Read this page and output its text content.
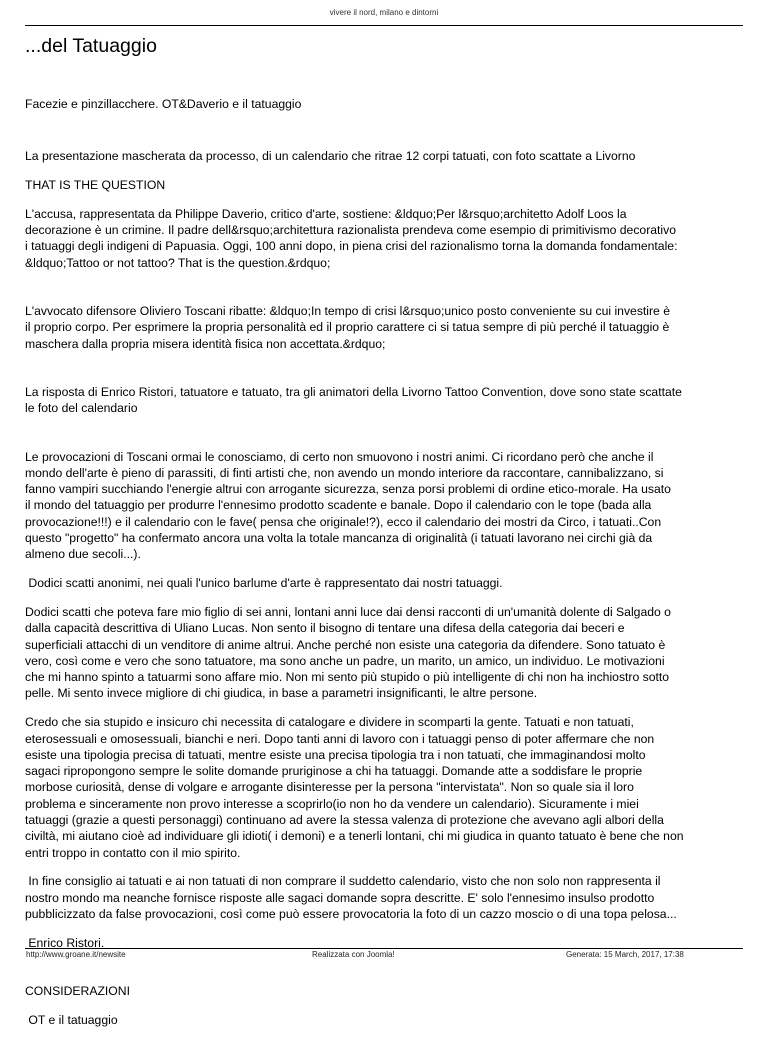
vivere il nord, milano e dintorni
...del Tatuaggio

Facezie e pinzillacchere. OT&Daverio e il tatuaggio

La presentazione mascherata da processo, di un calendario che ritrae 12 corpi tatuati, con foto scattate a Livorno

THAT IS THE QUESTION

L'accusa, rappresentata da Philippe Daverio, critico d'arte, sostiene: &ldquo;Per l&rsquo;architetto Adolf Loos la
decorazione è un crimine. Il padre dell&rsquo;architettura razionalista prendeva come esempio di primitivismo decorativo
i tatuaggi degli indigeni di Papuasia. Oggi, 100 anni dopo, in piena crisi del razionalismo torna la domanda fondamentale:
&ldquo;Tattoo or not tattoo? That is the question.&rdquo;

L'avvocato difensore Oliviero Toscani ribatte: &ldquo;In tempo di crisi l&rsquo;unico posto conveniente su cui investire è
il proprio corpo. Per esprimere la propria personalità ed il proprio carattere ci si tatua sempre di più perché il tatuaggio è
maschera dalla propria misera identità fisica non accettata.&rdquo;

La risposta di Enrico Ristori, tatuatore e tatuato, tra gli animatori della Livorno Tattoo Convention, dove sono state scattate
le foto del calendario

Le provocazioni di Toscani ormai le conosciamo, di certo non smuovono i nostri animi. Ci ricordano però che anche il
mondo dell'arte è pieno di parassiti, di finti artisti che, non avendo un mondo interiore da raccontare, cannibalizzano, si
fanno vampiri succhiando l'energie altrui con arrogante sicurezza, senza porsi problemi di ordine etico-morale. Ha usato
il mondo del tatuaggio per produrre l'ennesimo prodotto scadente e banale. Dopo il calendario con le tope (bada alla
provocazione!!!) e il calendario con le fave( pensa che originale!?), ecco il calendario dei mostri da Circo, i tatuati..Con
questo "progetto" ha confermato ancora una volta la totale mancanza di originalità (i tatuati lavorano nei circhi già da
almeno due secoli...).

Dodici scatti anonimi, nei quali l'unico barlume d'arte è rappresentato dai nostri tatuaggi.

Dodici scatti che poteva fare mio figlio di sei anni, lontani anni luce dai densi racconti di un'umanità dolente di Salgado o
dalla capacità descrittiva di Uliano Lucas. Non sento il bisogno di tentare una difesa della categoria dai beceri e
superficiali attacchi di un venditore di anime altrui. Anche perché non esiste una categoria da difendere. Sono tatuato è
vero, così come e vero che sono tatuatore, ma sono anche un padre, un marito, un amico, un individuo. Le motivazioni
che mi hanno spinto a tatuarmi sono affare mio. Non mi sento più stupido o più intelligente di chi non ha inchiostro sotto
pelle. Mi sento invece migliore di chi giudica, in base a parametri insignificanti, le altre persone.

Credo che sia stupido e insicuro chi necessita di catalogare e dividere in scomparti la gente. Tatuati e non tatuati,
eterosessuali e omosessuali, bianchi e neri. Dopo tanti anni di lavoro con i tatuaggi penso di poter affermare che non
esiste una tipologia precisa di tatuati, mentre esiste una precisa tipologia tra i non tatuati, che immaginandosi molto
sagaci ripropongono sempre le solite domande pruriginose a chi ha tatuaggi. Domande atte a soddisfare le proprie
morbose curiosità, dense di volgare e arrogante disinteresse per la persona "intervistata". Non so quale sia il loro
problema e sinceramente non provo interesse a scoprirlo(io non ho da vendere un calendario). Sicuramente i miei
tatuaggi (grazie a questi personaggi) continuano ad avere la stessa valenza di protezione che avevano agli albori della
civiltà, mi aiutano cioè ad individuare gli idioti( i demoni) e a tenerli lontani, chi mi giudica in quanto tatuato è bene che non
entri troppo in contatto con il mio spirito.

In fine consiglio ai tatuati e ai non tatuati di non comprare il suddetto calendario, visto che non solo non rappresenta il
nostro mondo ma neanche fornisce risposte alle sagaci domande sopra descritte. E' solo l'ennesimo insulso prodotto
pubblicizzato da false provocazioni, così come può essere provocatoria la foto di un cazzo moscio o di una topa pelosa...

Enrico Ristori.

CONSIDERAZIONI

OT e il tatuaggio

http://www.groane.it/newsite	Realizzata con Joomla!	Generata: 15 March, 2017, 17:38
